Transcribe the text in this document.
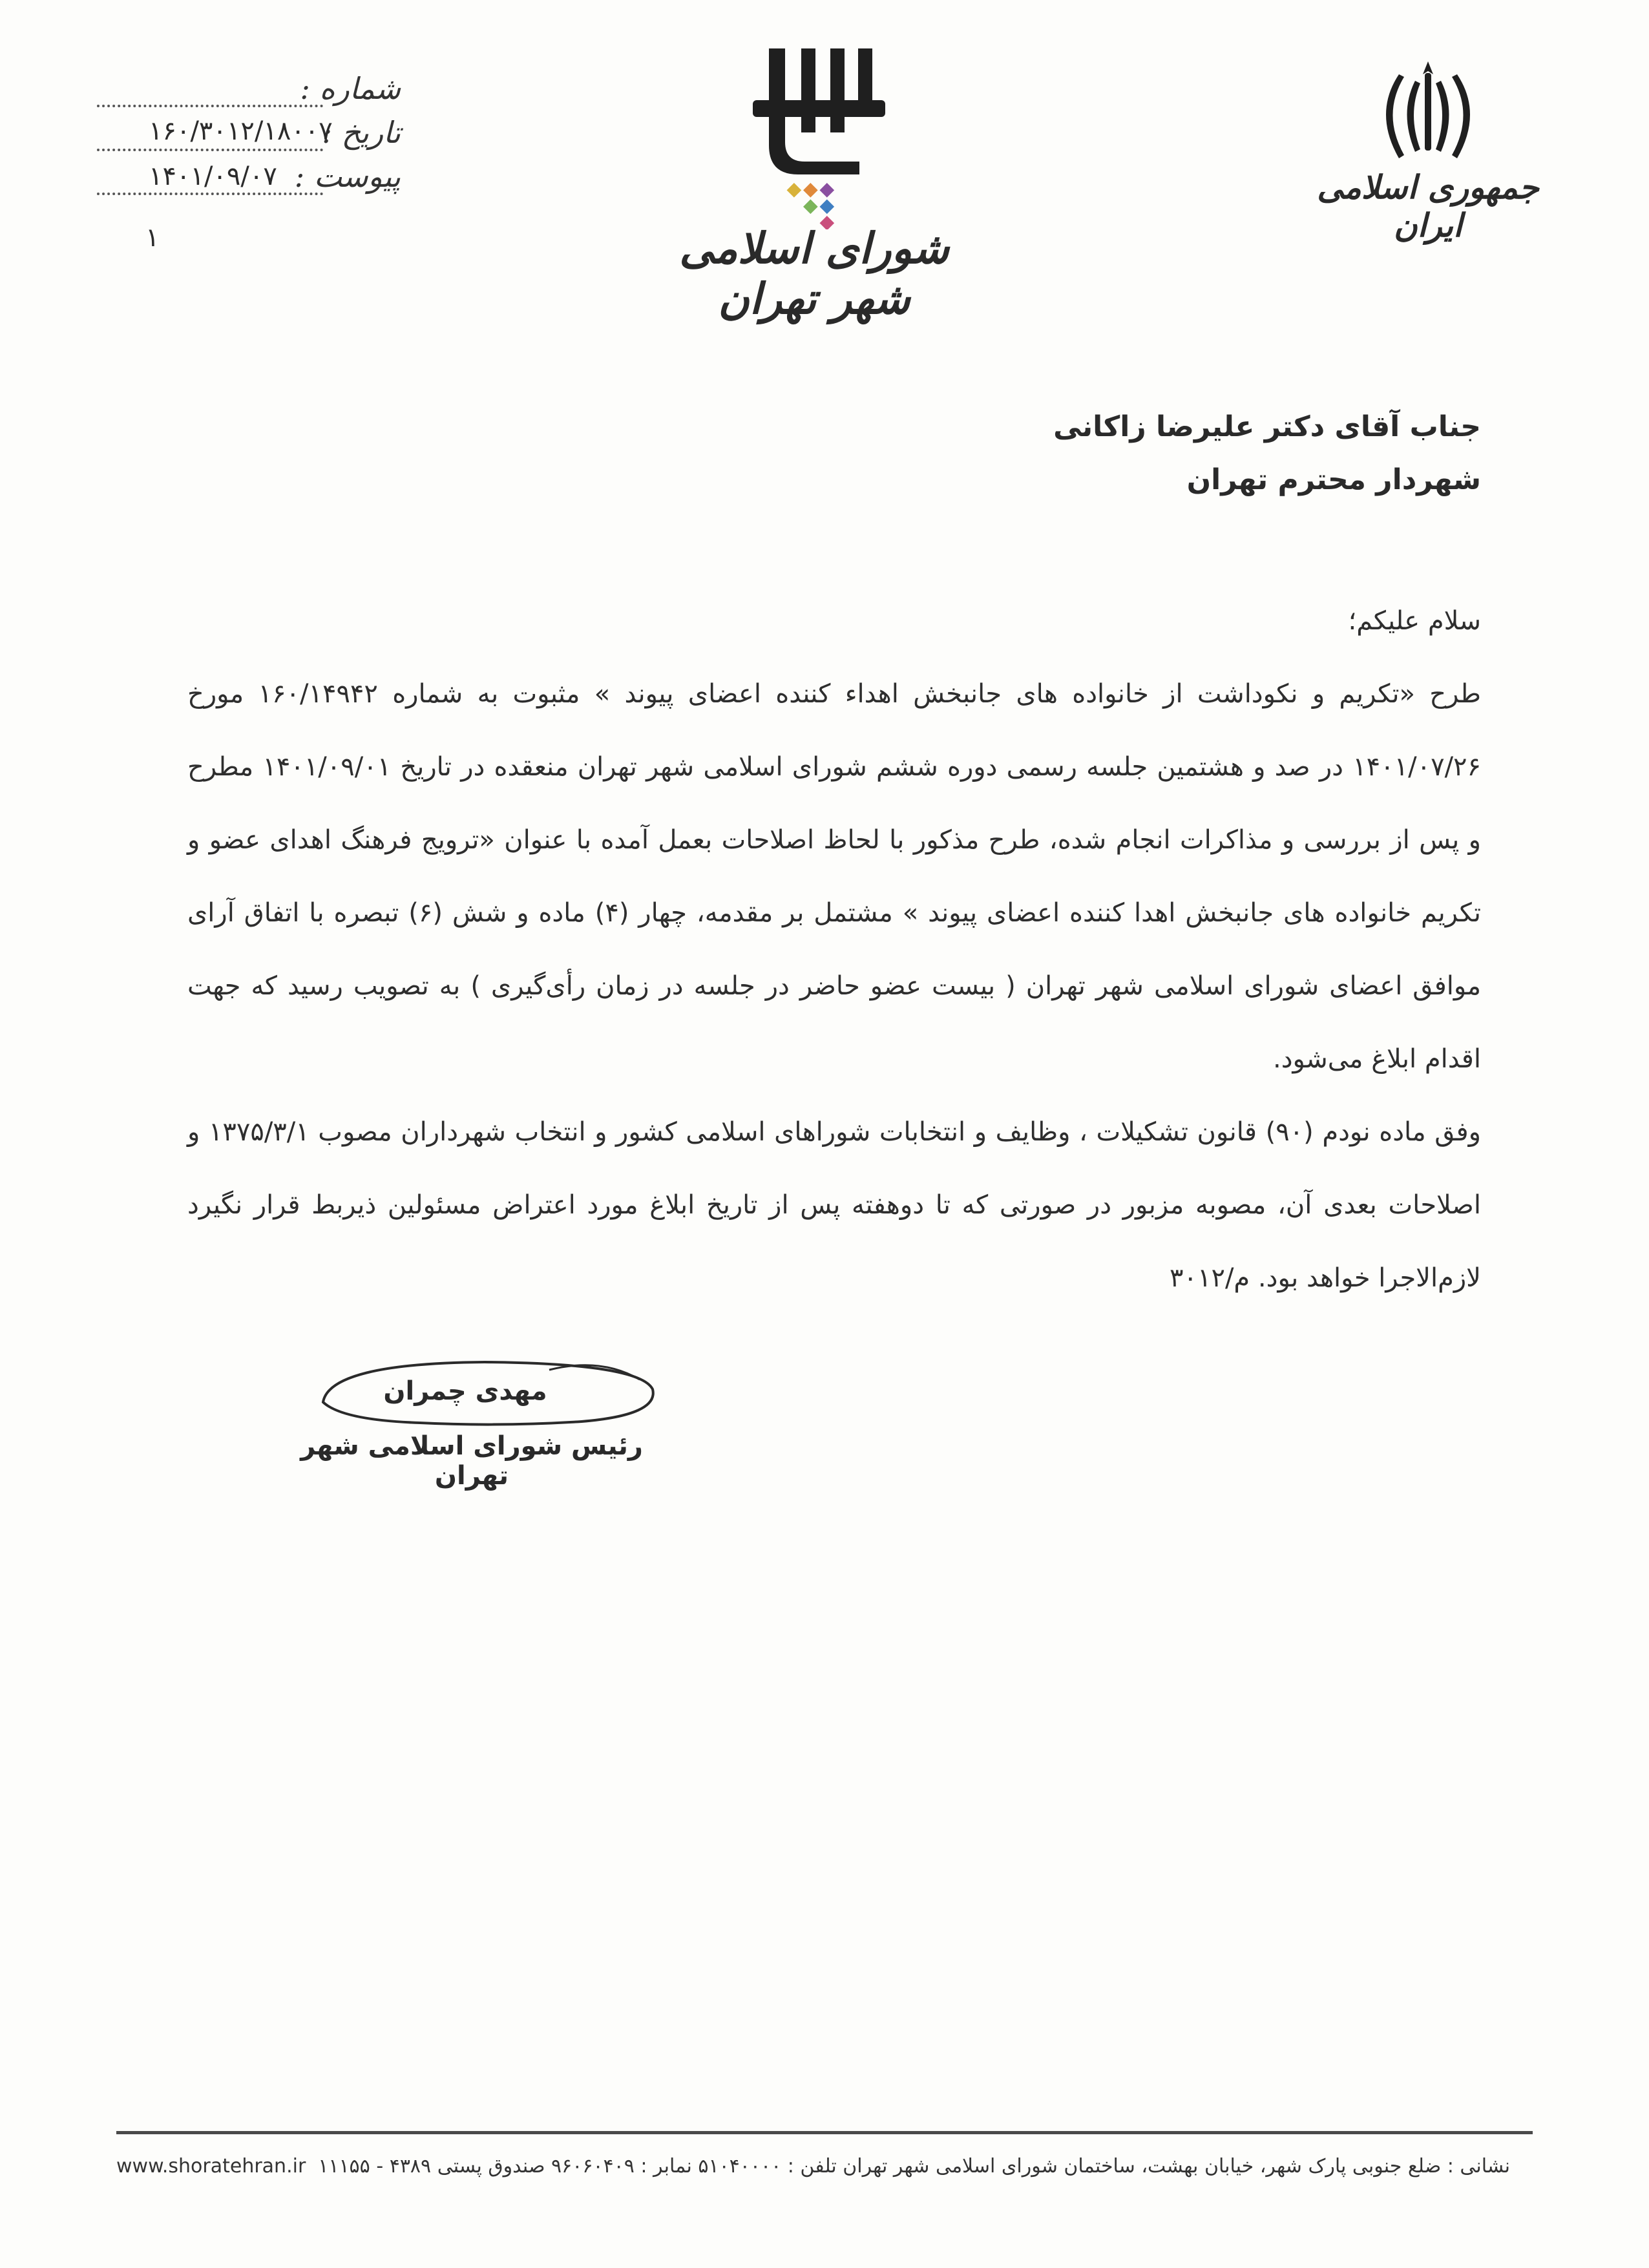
شماره :
تاریخ :
پیوست :
۱۶۰/۳۰۱۲/۱۸۰۰۷
۱۴۰۱/۰۹/۰۷
۱	شورای اسلامی شهر تهران
جمهوری اسلامی ایران
جناب آقای دکتر علیرضا زاکانی
شهردار محترم تهران

سلام علیکم؛

طرح «تکریم و نکوداشت از خانواده های جانبخش اهداء کننده اعضای پیوند » مثبوت به شماره ۱۶۰/۱۴۹۴۲ مورخ ۱۴۰۱/۰۷/۲۶ در صد و هشتمین جلسه رسمی دوره ششم شورای اسلامی شهر تهران منعقده در تاریخ ۱۴۰۱/۰۹/۰۱ مطرح و پس از بررسی و مذاکرات انجام شده، طرح مذکور با لحاظ اصلاحات بعمل آمده با عنوان «ترویج فرهنگ اهدای عضو و تکریم خانواده های جانبخش اهدا کننده اعضای پیوند » مشتمل بر مقدمه، چهار (۴) ماده و شش (۶) تبصره با اتفاق آرای موافق اعضای شورای اسلامی شهر تهران ( بیست عضو حاضر در جلسه در زمان رأی‌گیری ) به تصویب رسید که جهت اقدام ابلاغ می‌شود.

وفق ماده نودم (۹۰) قانون تشکیلات ، وظایف و انتخابات شوراهای اسلامی کشور و انتخاب شهرداران مصوب ۱۳۷۵/۳/۱ و اصلاحات بعدی آن، مصوبه مزبور در صورتی که تا دوهفته پس از تاریخ ابلاغ مورد اعتراض مسئولین ذیربط قرار نگیرد لازم‌الاجرا خواهد بود. م/۳۰۱۲

مهدی چمران
رئیس شورای اسلامی شهر تهران
نشانی : ضلع جنوبی پارک شهر، خیابان بهشت، ساختمان شورای اسلامی شهر تهران تلفن : ۵۱۰۴۰۰۰۰ نمابر : ۹۶۰۶۰۴۰۹ صندوق پستی ۴۳۸۹ - ۱۱۱۵۵
www.shoratehran.ir
